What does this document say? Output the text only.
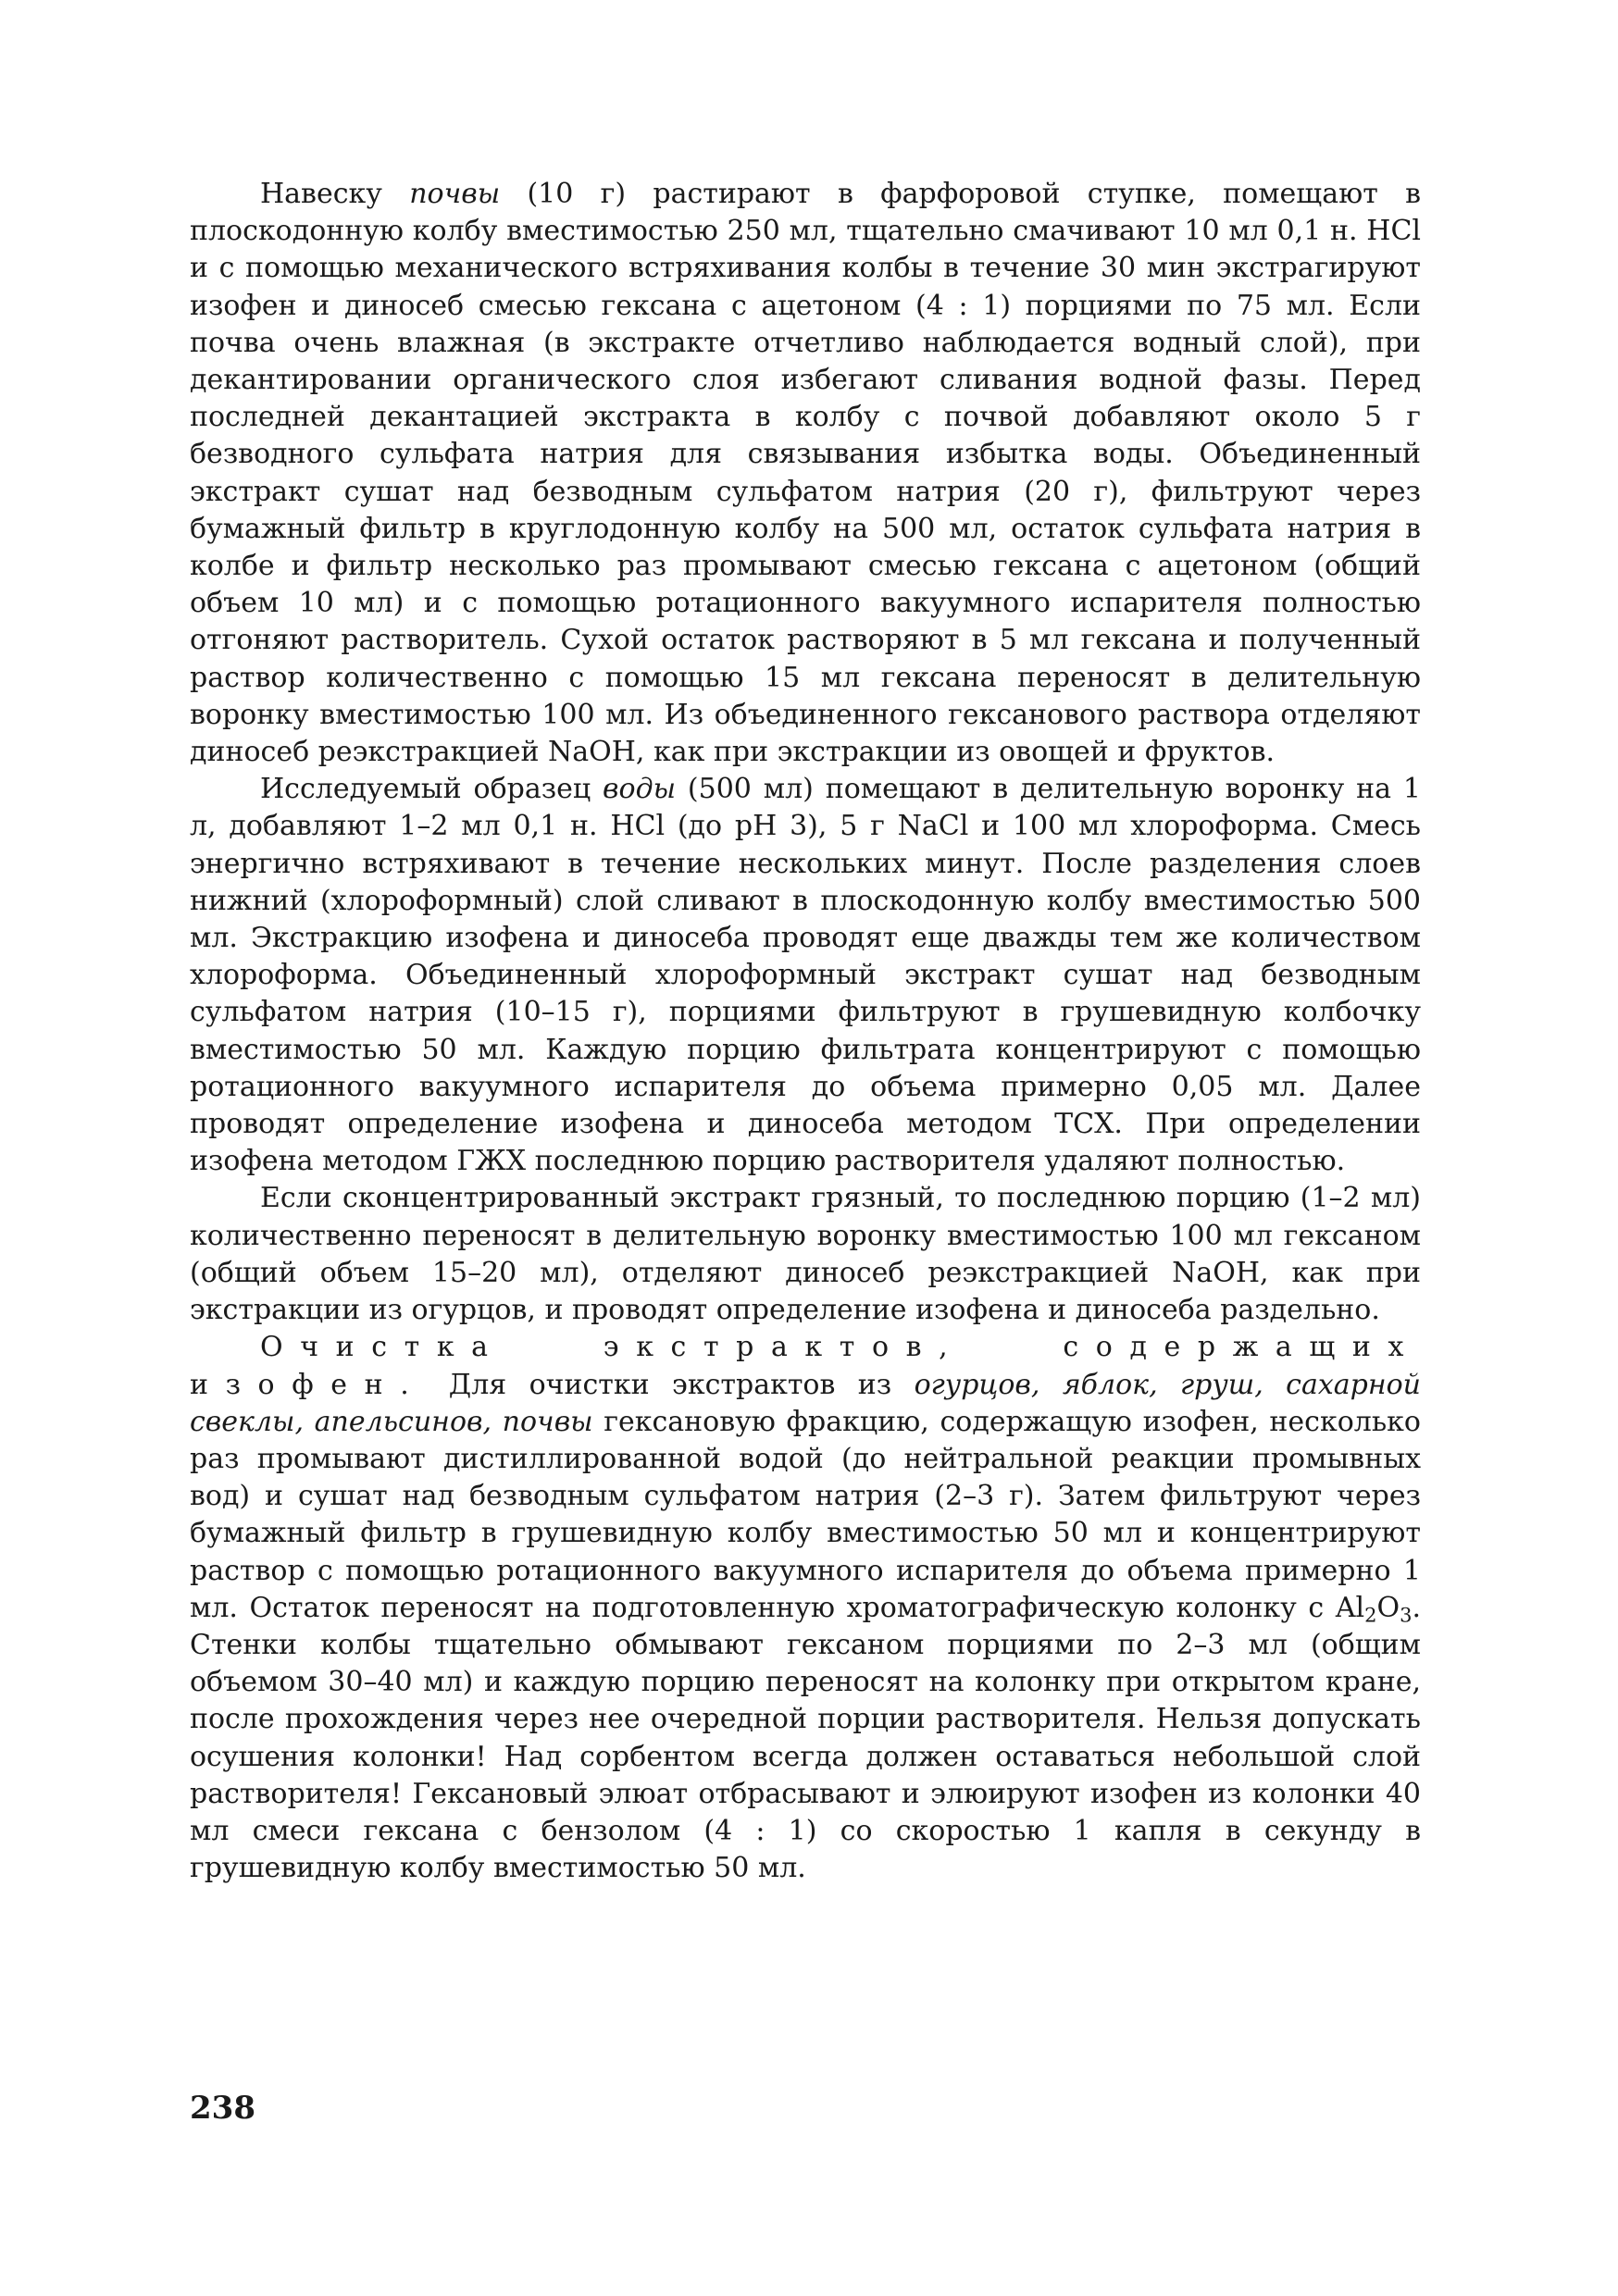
Навеску почвы (10 г) растирают в фарфоровой ступке, помещают в плоскодонную колбу вместимостью 250 мл, тщательно смачивают 10 мл 0,1 н. HCl и с помощью механического встряхивания колбы в течение 30 мин экстрагируют изофен и диносеб смесью гексана с ацетоном (4 : 1) порциями по 75 мл. Если почва очень влажная (в экстракте отчетливо наблюдается водный слой), при декантировании органического слоя избегают сливания водной фазы. Перед последней декантацией экстракта в колбу с почвой добавляют около 5 г безводного сульфата натрия для связывания избытка воды. Объединенный экстракт сушат над безводным сульфатом натрия (20 г), фильтруют через бумажный фильтр в круглодонную колбу на 500 мл, остаток сульфата натрия в колбе и фильтр несколько раз промывают смесью гексана с ацетоном (общий объем 10 мл) и с помощью ротационного вакуумного испарителя полностью отгоняют растворитель. Сухой остаток растворяют в 5 мл гексана и полученный раствор количественно с помощью 15 мл гексана переносят в делительную воронку вместимостью 100 мл. Из объединенного гексанового раствора отделяют диносеб реэкстракцией NaOH, как при экстракции из овощей и фруктов.

Исследуемый образец воды (500 мл) помещают в делительную воронку на 1 л, добавляют 1–2 мл 0,1 н. HCl (до pH 3), 5 г NaCl и 100 мл хлороформа. Смесь энергично встряхивают в течение нескольких минут. После разделения слоев нижний (хлороформный) слой сливают в плоскодонную колбу вместимостью 500 мл. Экстракцию изофена и диносеба проводят еще дважды тем же количеством хлороформа. Объединенный хлороформный экстракт сушат над безводным сульфатом натрия (10–15 г), порциями фильтруют в грушевидную колбочку вместимостью 50 мл. Каждую порцию фильтрата концентрируют с помощью ротационного вакуумного испарителя до объема примерно 0,05 мл. Далее проводят определение изофена и диносеба методом ТСХ. При определении изофена методом ГЖХ последнюю порцию растворителя удаляют полностью.

Если сконцентрированный экстракт грязный, то последнюю порцию (1–2 мл) количественно переносят в делительную воронку вместимостью 100 мл гексаном (общий объем 15–20 мл), отделяют диносеб реэкстракцией NaOH, как при экстракции из огурцов, и проводят определение изофена и диносеба раздельно.

Очистка экстрактов, содержащих изофен. Для очистки экстрактов из огурцов, яблок, груш, сахарной свеклы, апельсинов, почвы гексановую фракцию, содержащую изофен, несколько раз промывают дистиллированной водой (до нейтральной реакции промывных вод) и сушат над безводным сульфатом натрия (2–3 г). Затем фильтруют через бумажный фильтр в грушевидную колбу вместимостью 50 мл и концентрируют раствор с помощью ротационного вакуумного испарителя до объема примерно 1 мл. Остаток переносят на подготовленную хроматографическую колонку с $Al_2O_3$. Стенки колбы тщательно обмывают гексаном порциями по 2–3 мл (общим объемом 30–40 мл) и каждую порцию переносят на колонку при открытом кране, после прохождения через нее очередной порции растворителя. Нельзя допускать осушения колонки! Над сорбентом всегда должен оставаться небольшой слой растворителя! Гексановый элюат отбрасывают и элюируют изофен из колонки 40 мл смеси гексана с бензолом (4 : 1) со скоростью 1 капля в секунду в грушевидную колбу вместимостью 50 мл.

238
